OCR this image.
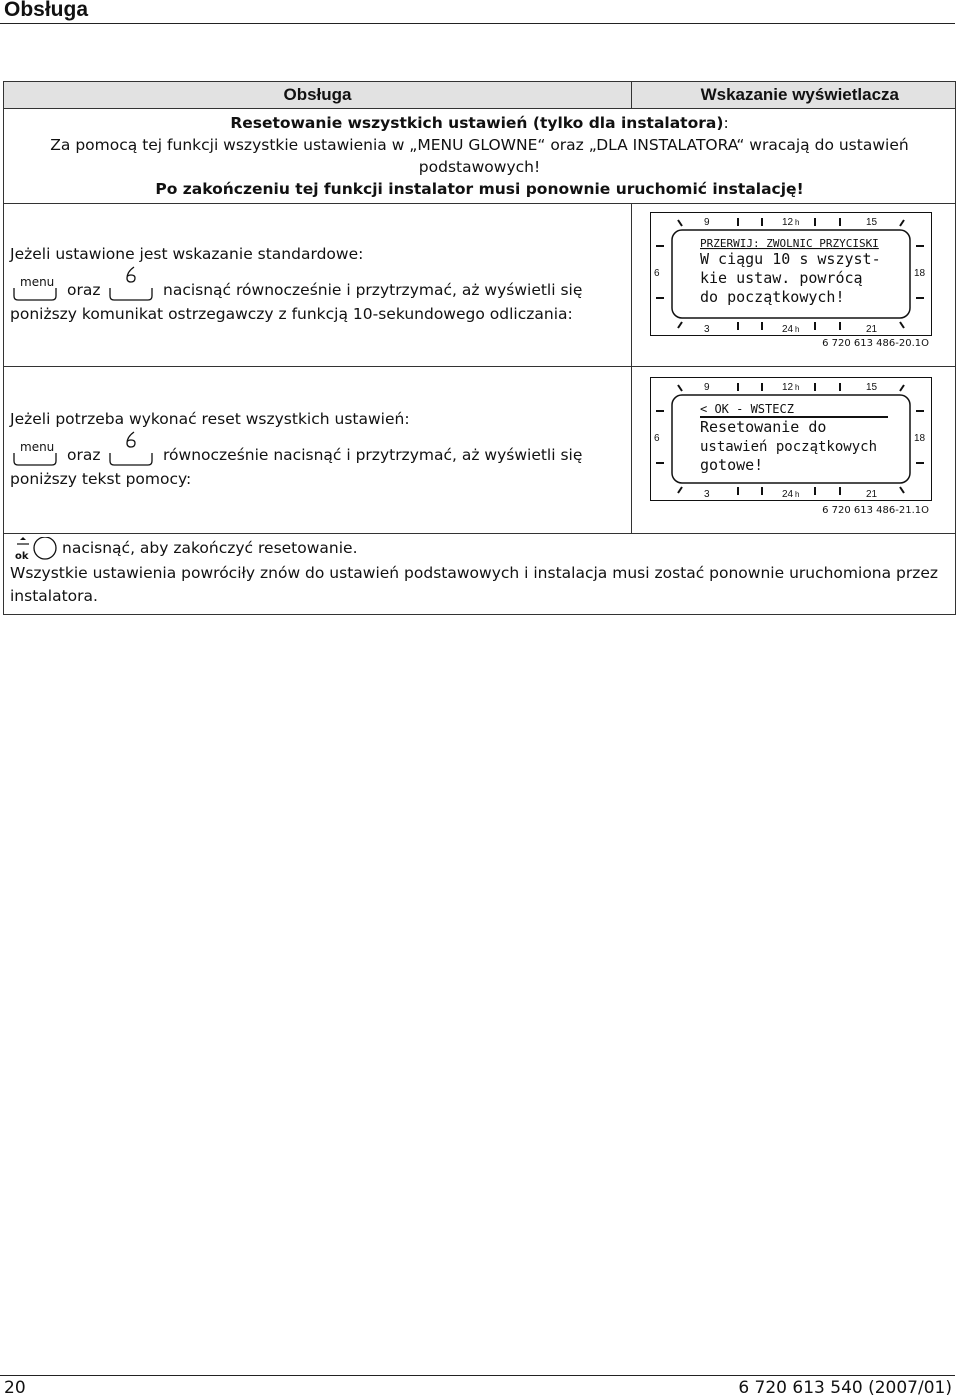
Obsługa
Obsługa	Wskazanie wyświetlacza
Resetowanie wszystkich ustawień (tylko dla instalatora):
Za pomocą tej funkcji wszystkie ustawienia w „MENU GLOWNE“ oraz „DLA INSTALATORA“ wracają do ustawień
podstawowych!
Po zakończeniu tej funkcji instalator musi ponownie uruchomić instalację!
Jeżeli ustawione jest wskazanie standardowe:
menu oraz	nacisnąć równocześnie i przytrzymać, aż wyświetli się
poniższy komunikat ostrzegawczy z funkcją 10-sekundowego odliczania:
9	12 h	15
6	18
3	24 h	21
PRZERWIJ: ZWOLNIC PRZYCISKI
W ciągu 10 s wszyst-
kie ustaw. powrócą
do początkowych!
6 720 613 486-20.1O
Jeżeli potrzeba wykonać reset wszystkich ustawień:
menu oraz	równocześnie nacisnąć i przytrzymać, aż wyświetli się
poniższy tekst pomocy:
9	12 h	15
6	18
3	24 h	21
< OK - WSTECZ
Resetowanie do
ustawień początkowych
gotowe!
6 720 613 486-21.1O
ok nacisnąć, aby zakończyć resetowanie.
Wszystkie ustawienia powróciły znów do ustawień podstawowych i instalacja musi zostać ponownie uruchomiona przez instalatora.
20	6 720 613 540 (2007/01)
